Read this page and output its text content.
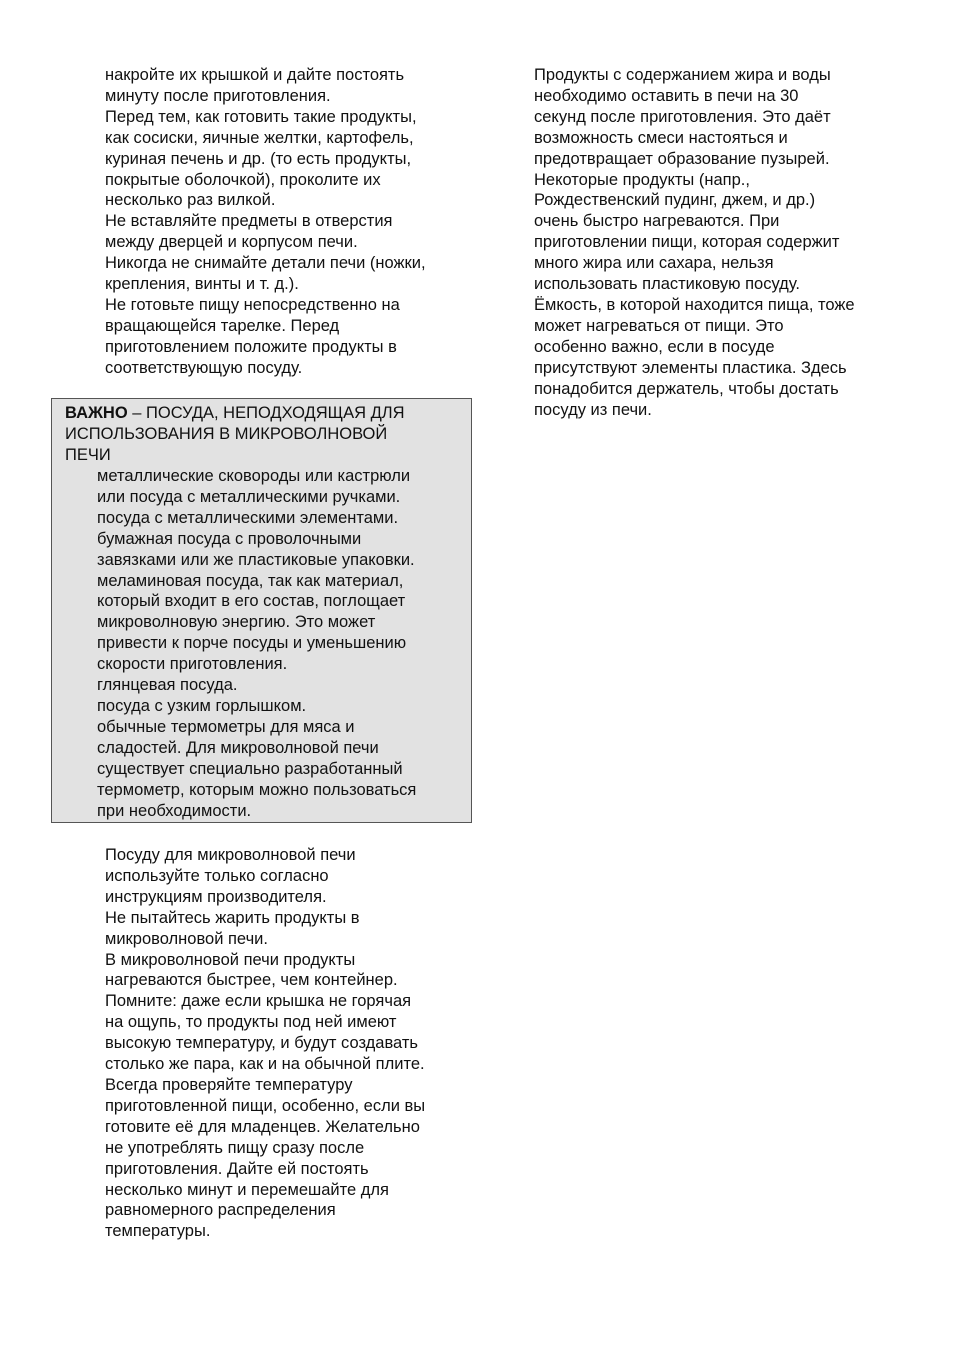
накройте их крышкой и дайте постоять
минуту после приготовления.
Перед тем, как готовить такие продукты,
как сосиски, яичные желтки, картофель,
куриная печень и др. (то есть продукты,
покрытые оболочкой), проколите их
несколько раз вилкой.
Не вставляйте предметы в отверстия
между дверцей и корпусом печи.
Никогда не снимайте детали печи (ножки,
крепления, винты и т. д.).
Не готовьте пищу непосредственно на
вращающейся тарелке. Перед
приготовлением положите продукты в
соответствующую посуду.
ВАЖНО – ПОСУДА, НЕПОДХОДЯЩАЯ ДЛЯ
ИСПОЛЬЗОВАНИЯ В МИКРОВОЛНОВОЙ
ПЕЧИ
металлические сковороды или кастрюли
или посуда с металлическими ручками.
посуда с металлическими элементами.
бумажная посуда с проволочными
завязками или же пластиковые упаковки.
меламиновая посуда, так как материал,
который входит в его состав, поглощает
микроволновую энергию. Это может
привести к порче посуды и уменьшению
скорости приготовления.
глянцевая посуда.
посуда с узким горлышком.
обычные термометры для мяса и
сладостей. Для микроволновой печи
существует специально разработанный
термометр, которым можно пользоваться
при необходимости.
Посуду для микроволновой печи
используйте только согласно
инструкциям производителя.
Не пытайтесь жарить продукты в
микроволновой печи.
В микроволновой печи продукты
нагреваются быстрее, чем контейнер.
Помните: даже если крышка не горячая
на ощупь, то продукты под ней имеют
высокую температуру, и будут создавать
столько же пара, как и на обычной плите.
Всегда проверяйте температуру
приготовленной пищи, особенно, если вы
готовите её для младенцев. Желательно
не употреблять пищу сразу после
приготовления. Дайте ей постоять
несколько минут и перемешайте для
равномерного распределения
температуры.
Продукты с содержанием жира и воды
необходимо оставить в печи на 30
секунд после приготовления. Это даёт
возможность смеси настояться и
предотвращает образование пузырей.
Некоторые продукты (напр.,
Рождественский пудинг, джем, и др.)
очень быстро нагреваются. При
приготовлении пищи, которая содержит
много жира или сахара, нельзя
использовать пластиковую посуду.
Ёмкость, в которой находится пища, тоже
может нагреваться от пищи. Это
особенно важно, если в посуде
присутствуют элементы пластика. Здесь
понадобится держатель, чтобы достать
посуду из печи.
